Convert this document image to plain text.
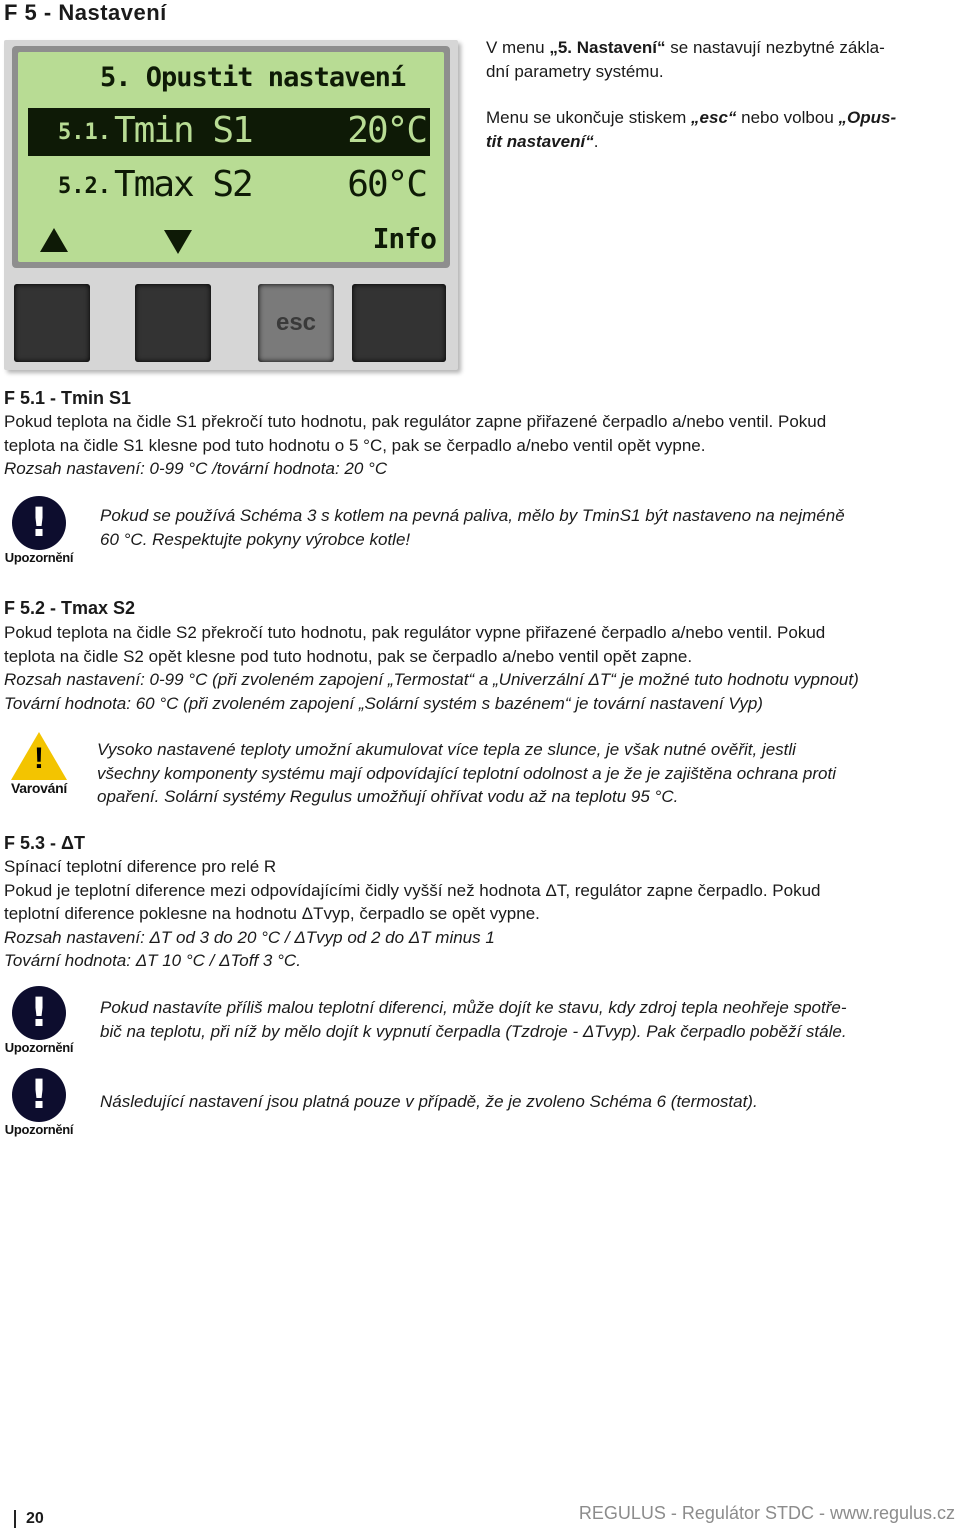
F 5 - Nastavení
5. Opustit nastavení
5.1. Tmin S1	20°C
5.2. Tmax S2	60°C
Info
esc

V menu „5. Nastavení“ se nastavují nezbytné zákla-

dní parametry systému.

Menu se ukončuje stiskem „esc“ nebo volbou „Opus-

tit nastavení“.

F 5.1 - Tmin S1

Pokud teplota na čidle S1 překročí tuto hodnotu, pak regulátor zapne přiřazené čerpadlo a/nebo ventil. Pokud

teplota na čidle S1 klesne pod tuto hodnotu o 5 °C, pak se čerpadlo a/nebo ventil opět vypne.

Rozsah nastavení: 0-99 °C /tovární hodnota: 20 °C

!
Upozornění

Pokud se používá Schéma 3 s kotlem na pevná paliva, mělo by TminS1 být nastaveno na nejméně

60 °C. Respektujte pokyny výrobce kotle!

F 5.2 - Tmax S2

Pokud teplota na čidle S2 překročí tuto hodnotu, pak regulátor vypne přiřazené čerpadlo a/nebo ventil. Pokud

teplota na čidle S2 opět klesne pod tuto hodnotu, pak se čerpadlo a/nebo ventil opět zapne.

Rozsah nastavení: 0-99 °C (při zvoleném zapojení „Termostat“ a „Univerzální ΔT“ je možné tuto hodnotu vypnout)

Tovární hodnota: 60 °C (při zvoleném zapojení „Solární systém s bazénem“ je tovární nastavení Vyp)

!
Varování

Vysoko nastavené teploty umožní akumulovat více tepla ze slunce, je však nutné ověřit, jestli

všechny komponenty systému mají odpovídající teplotní odolnost a je že je zajištěna ochrana proti

opaření. Solární systémy Regulus umožňují ohřívat vodu až na teplotu 95 °C.

F 5.3 - ΔT

Spínací teplotní diference pro relé R

Pokud je teplotní diference mezi odpovídajícími čidly vyšší než hodnota ΔT, regulátor zapne čerpadlo. Pokud

teplotní diference poklesne na hodnotu ΔTvyp, čerpadlo se opět vypne.

Rozsah nastavení: ΔT od 3 do 20 °C / ΔTvyp od 2 do ΔT minus 1

Tovární hodnota: ΔT 10 °C / ΔToff 3 °C.

!
Upozornění

Pokud nastavíte příliš malou teplotní diferenci, může dojít ke stavu, kdy zdroj tepla neohřeje spotře-

bič na teplotu, při níž by mělo dojít k vypnutí čerpadla (Tzdroje - ΔTvyp). Pak čerpadlo poběží stále.

!
Upozornění

Následující nastavení jsou platná pouze v případě, že je zvoleno Schéma 6 (termostat).

20	REGULUS - Regulátor STDC - www.regulus.cz
